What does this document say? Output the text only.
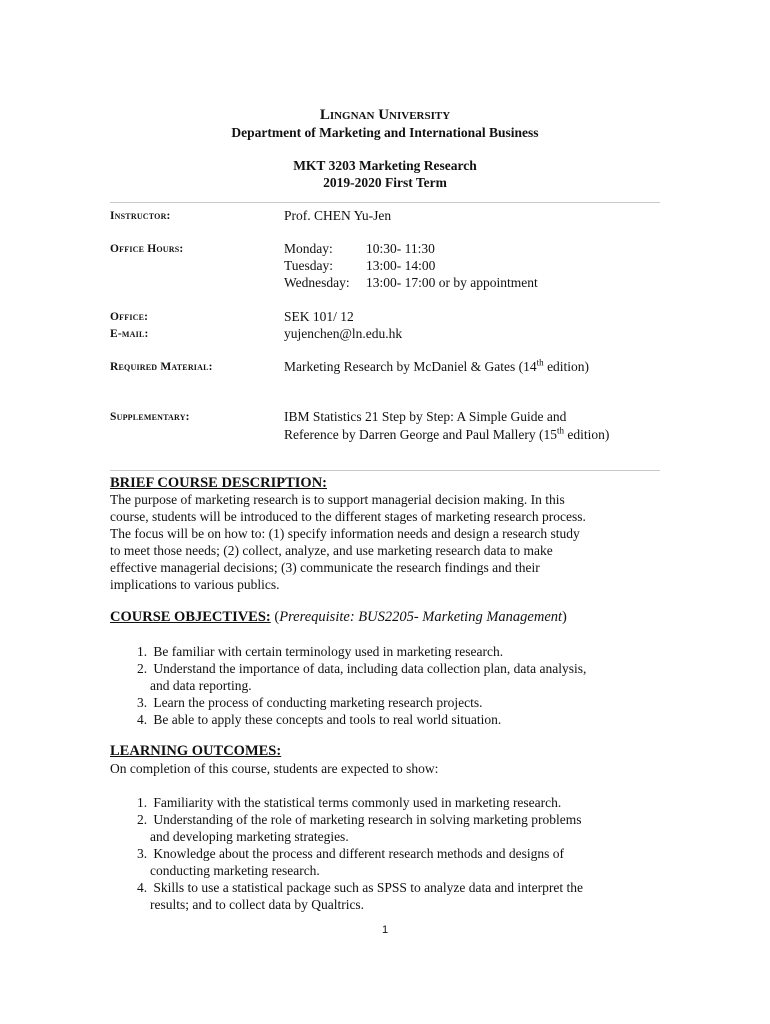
Lingnan University
Department of Marketing and International Business
MKT 3203 Marketing Research
2019-2020 First Term
Instructor:	Prof. CHEN Yu-Jen
Office Hours:	Monday:	10:30- 11:30
Tuesday:	13:00- 14:00
Wednesday:	13:00- 17:00 or by appointment
Office:	SEK 101/ 12
E-mail:	yujenchen@ln.edu.hk
Required Material:	Marketing Research by McDaniel & Gates (14th edition)
Supplementary:	IBM Statistics 21 Step by Step: A Simple Guide and
Reference by Darren George and Paul Mallery (15th edition)
BRIEF COURSE DESCRIPTION:

The purpose of marketing research is to support managerial decision making. In this

course, students will be introduced to the different stages of marketing research process.

The focus will be on how to: (1) specify information needs and design a research study

to meet those needs; (2) collect, analyze, and use marketing research data to make

effective managerial decisions; (3) communicate the research findings and their

implications to various publics.

COURSE OBJECTIVES: (Prerequisite: BUS2205- Marketing Management)
1. Be familiar with certain terminology used in marketing research.
2. Understand the importance of data, including data collection plan, data analysis,
and data reporting.
3. Learn the process of conducting marketing research projects.
4. Be able to apply these concepts and tools to real world situation.
LEARNING OUTCOMES:

On completion of this course, students are expected to show:

1. Familiarity with the statistical terms commonly used in marketing research.
2. Understanding of the role of marketing research in solving marketing problems
and developing marketing strategies.
3. Knowledge about the process and different research methods and designs of
conducting marketing research.
4. Skills to use a statistical package such as SPSS to analyze data and interpret the
results; and to collect data by Qualtrics.
1
